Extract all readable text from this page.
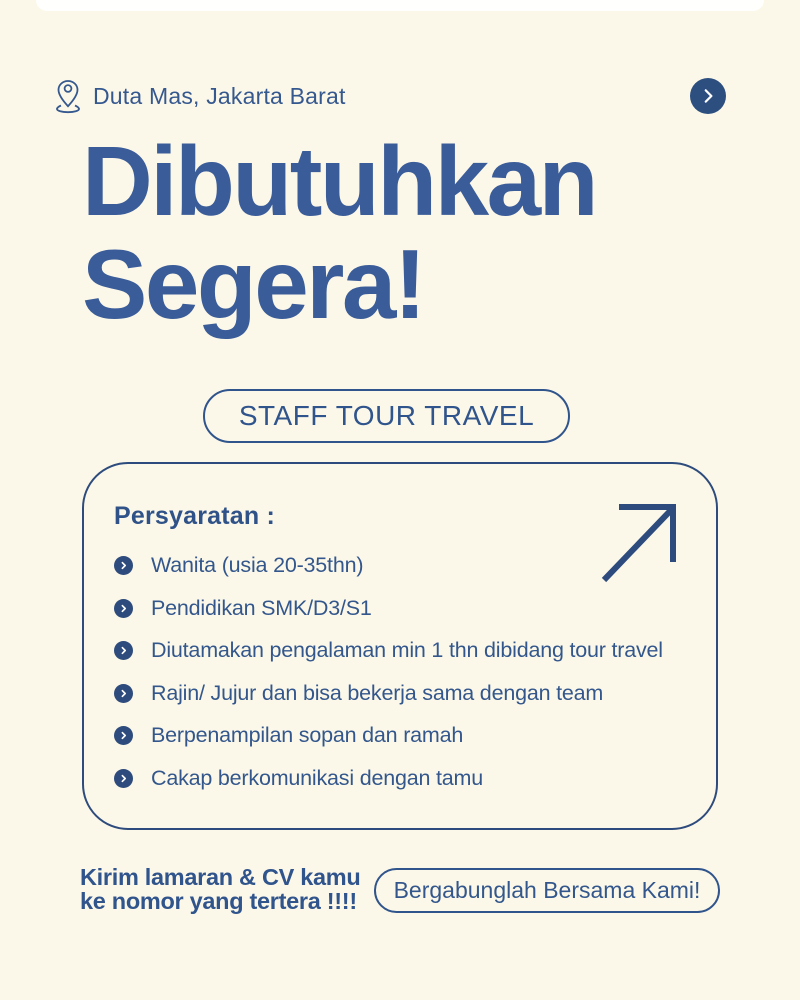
Duta Mas, Jakarta Barat
Dibutuhkan
Segera!
STAFF TOUR TRAVEL
Persyaratan :
Wanita (usia 20-35thn)
Pendidikan SMK/D3/S1
Diutamakan pengalaman min 1 thn dibidang tour travel
Rajin/ Jujur dan bisa bekerja sama dengan team
Berpenampilan sopan dan ramah
Cakap berkomunikasi dengan tamu
Kirim lamaran & CV kamu
ke nomor yang tertera !!!! Bergabunglah Bersama Kami!
